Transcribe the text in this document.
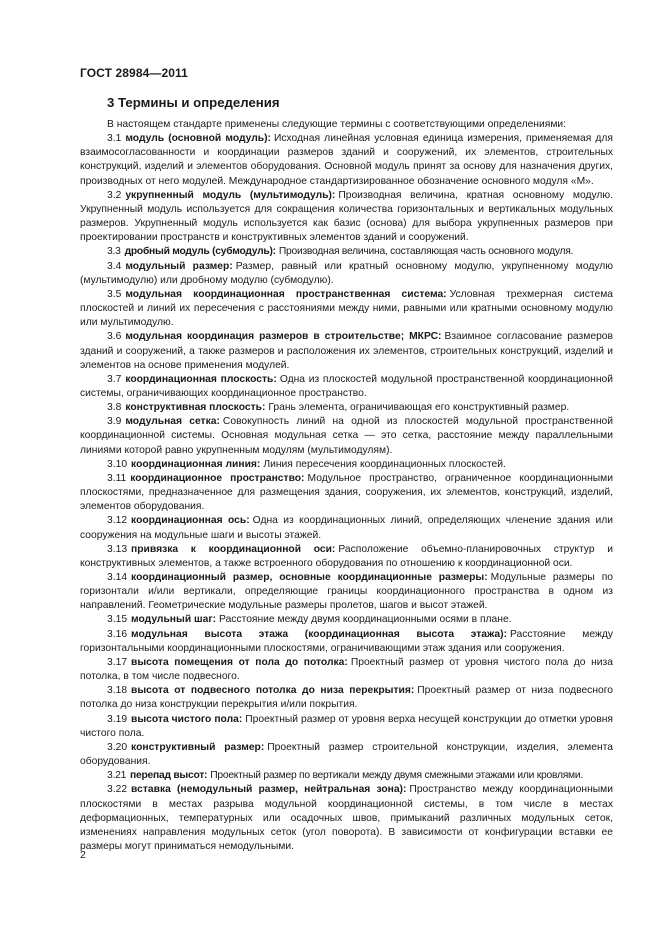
ГОСТ 28984—2011
3 Термины и определения

В настоящем стандарте применены следующие термины с соответствующими определениями:

3.1 модуль (основной модуль): Исходная линейная условная единица измерения, применяемая для взаимосогласованности и координации размеров зданий и сооружений, их элементов, строительных конструкций, изделий и элементов оборудования. Основной модуль принят за основу для назначения других, производных от него модулей. Международное стандартизированное обозначение основного модуля «М».

3.2 укрупненный модуль (мультимодуль): Производная величина, кратная основному модулю. Укрупненный модуль используется для сокращения количества горизонтальных и вертикальных модульных размеров. Укрупненный модуль используется как базис (основа) для выбора укрупненных размеров при проектировании пространств и конструктивных элементов зданий и сооружений.

3.3 дробный модуль (субмодуль): Производная величина, составляющая часть основного модуля.

3.4 модульный размер: Размер, равный или кратный основному модулю, укрупненному модулю (мультимодулю) или дробному модулю (субмодулю).

3.5 модульная координационная пространственная система: Условная трехмерная система плоскостей и линий их пересечения с расстояниями между ними, равными или кратными основному модулю или мультимодулю.

3.6 модульная координация размеров в строительстве; МКРС: Взаимное согласование размеров зданий и сооружений, а также размеров и расположения их элементов, строительных конструкций, изделий и элементов на основе применения модулей.

3.7 координационная плоскость: Одна из плоскостей модульной пространственной координационной системы, ограничивающих координационное пространство.

3.8 конструктивная плоскость: Грань элемента, ограничивающая его конструктивный размер.

3.9 модульная сетка: Совокупность линий на одной из плоскостей модульной пространственной координационной системы. Основная модульная сетка — это сетка, расстояние между параллельными линиями которой равно укрупненным модулям (мультимодулям).

3.10 координационная линия: Линия пересечения координационных плоскостей.

3.11 координационное пространство: Модульное пространство, ограниченное координационными плоскостями, предназначенное для размещения здания, сооружения, их элементов, конструкций, изделий, элементов оборудования.

3.12 координационная ось: Одна из координационных линий, определяющих членение здания или сооружения на модульные шаги и высоты этажей.

3.13 привязка к координационной оси: Расположение объемно-планировочных структур и конструктивных элементов, а также встроенного оборудования по отношению к координационной оси.

3.14 координационный размер, основные координационные размеры: Модульные размеры по горизонтали и/или вертикали, определяющие границы координационного пространства в одном из направлений. Геометрические модульные размеры пролетов, шагов и высот этажей.

3.15 модульный шаг: Расстояние между двумя координационными осями в плане.

3.16 модульная высота этажа (координационная высота этажа): Расстояние между горизонтальными координационными плоскостями, ограничивающими этаж здания или сооружения.

3.17 высота помещения от пола до потолка: Проектный размер от уровня чистого пола до низа потолка, в том числе подвесного.

3.18 высота от подвесного потолка до низа перекрытия: Проектный размер от низа подвесного потолка до низа конструкции перекрытия и/или покрытия.

3.19 высота чистого пола: Проектный размер от уровня верха несущей конструкции до отметки уровня чистого пола.

3.20 конструктивный размер: Проектный размер строительной конструкции, изделия, элемента оборудования.

3.21 перепад высот: Проектный размер по вертикали между двумя смежными этажами или кровлями.

3.22 вставка (немодульный размер, нейтральная зона): Пространство между координационными плоскостями в местах разрыва модульной координационной системы, в том числе в местах деформационных, температурных или осадочных швов, примыканий различных модульных сеток, изменениях направления модульных сеток (угол поворота). В зависимости от конфигурации вставки ее размеры могут приниматься немодульными.

2
